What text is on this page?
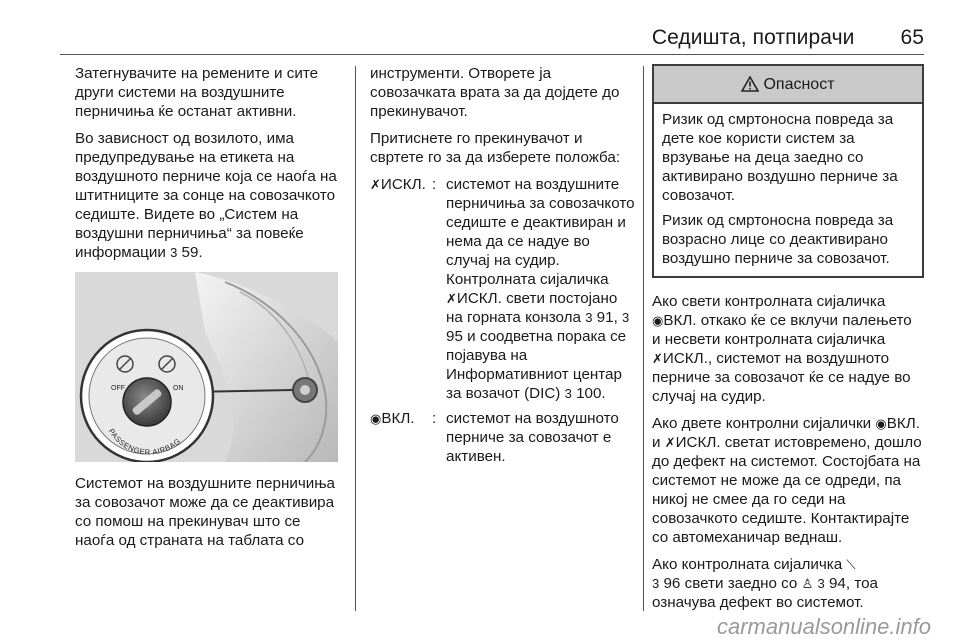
Седишта, потпирачи 65

Затегнувачите на ремените и сите други системи на воздушните перничиња ќе останат активни.

Во зависност од возилото, има предупредување на етикета на воздушното перниче која се наоѓа на штитниците за сонце на совозачкото седиште. Видете во „Систем на воздушни перничиња“ за повеќе информации 3 59.

OFF	ON
PASSENGER AIRBAG

Системот на воздушните перничиња за совозачот може да се деактивира со помош на прекинувач што се наоѓа од страната на таблата со

инструменти. Отворете ја совозачката врата за да дојдете до прекинувачот.

Притиснете го прекинувачот и свртете го за да изберете положба:

✗ИСКЛ. : системот на воздушните перничиња за совозачкото седиште е деактивиран и нема да се надуе во случај на судир. Контролната сијаличка ✗ИСКЛ. свети постојано на горната конзола 3 91, 3 95 и соодветна порака се појавува на Информативниот центар за возачот (DIC) 3 100.
◉ВКЛ.	: системот на воздушното перниче за совозачот е активен.
Опасност

Ризик од смртоносна повреда за дете кое користи систем за врзување на деца заедно со активирано воздушно перниче за совозачот.

Ризик од смртоносна повреда за возрасно лице со деактивирано воздушно перниче за совозачот.

Ако свети контролната сијаличка ◉ВКЛ. откако ќе се вклучи палењето и несвети контролната сијаличка ✗ИСКЛ., системот на воздушното перниче за совозачот ќе се надуе во случај на судир.

Ако двете контролни сијалички ◉ВКЛ. и ✗ИСКЛ. светат истовремено, дошло до дефект на системот. Состојбата на системот не може да се одреди, па никој не смее да го седи на совозачкото седиште. Контактирајте со автомеханичар веднаш.

Ако контролната сијаличка ⟍
3 96 свети заедно со ♙ 3 94, тоа означува дефект во системот.

carmanualsonline.info
